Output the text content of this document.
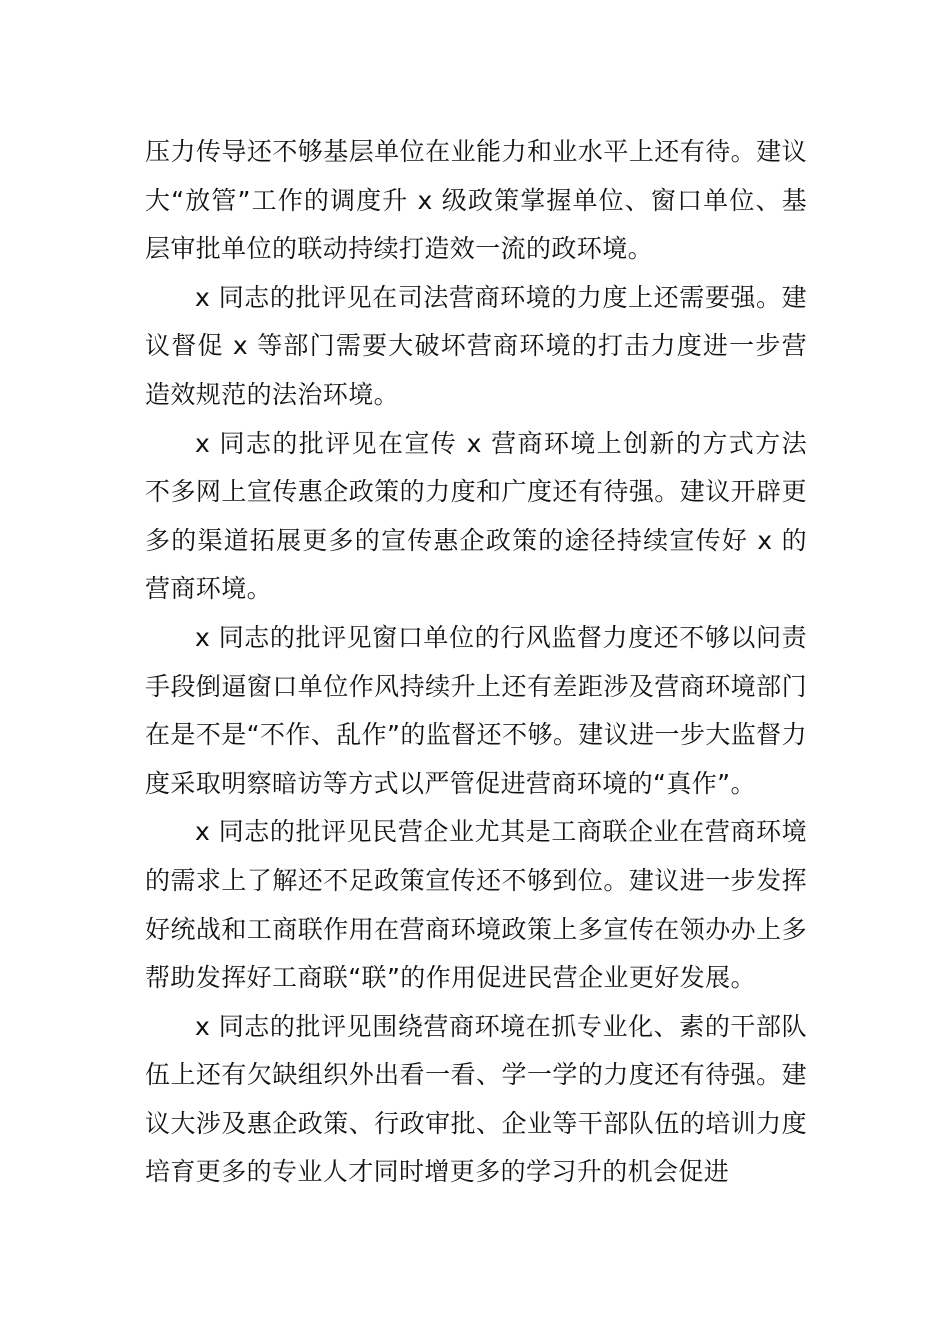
压力传导还不够基层单位在业能力和业水平上还有待。建议大“放管”工作的调度升 x 级政策掌握单位、窗口单位、基层审批单位的联动持续打造效一流的政环境。

x 同志的批评见在司法营商环境的力度上还需要强。建议督促 x 等部门需要大破坏营商环境的打击力度进一步营造效规范的法治环境。

x 同志的批评见在宣传 x 营商环境上创新的方式方法不多网上宣传惠企政策的力度和广度还有待强。建议开辟更多的渠道拓展更多的宣传惠企政策的途径持续宣传好 x 的营商环境。

x 同志的批评见窗口单位的行风监督力度还不够以问责手段倒逼窗口单位作风持续升上还有差距涉及营商环境部门在是不是“不作、乱作”的监督还不够。建议进一步大监督力度采取明察暗访等方式以严管促进营商环境的“真作”。

x 同志的批评见民营企业尤其是工商联企业在营商环境的需求上了解还不足政策宣传还不够到位。建议进一步发挥好统战和工商联作用在营商环境政策上多宣传在领办办上多帮助发挥好工商联“联”的作用促进民营企业更好发展。

x 同志的批评见围绕营商环境在抓专业化、素的干部队伍上还有欠缺组织外出看一看、学一学的力度还有待强。建议大涉及惠企政策、行政审批、企业等干部队伍的培训力度培育更多的专业人才同时增更多的学习升的机会促进
